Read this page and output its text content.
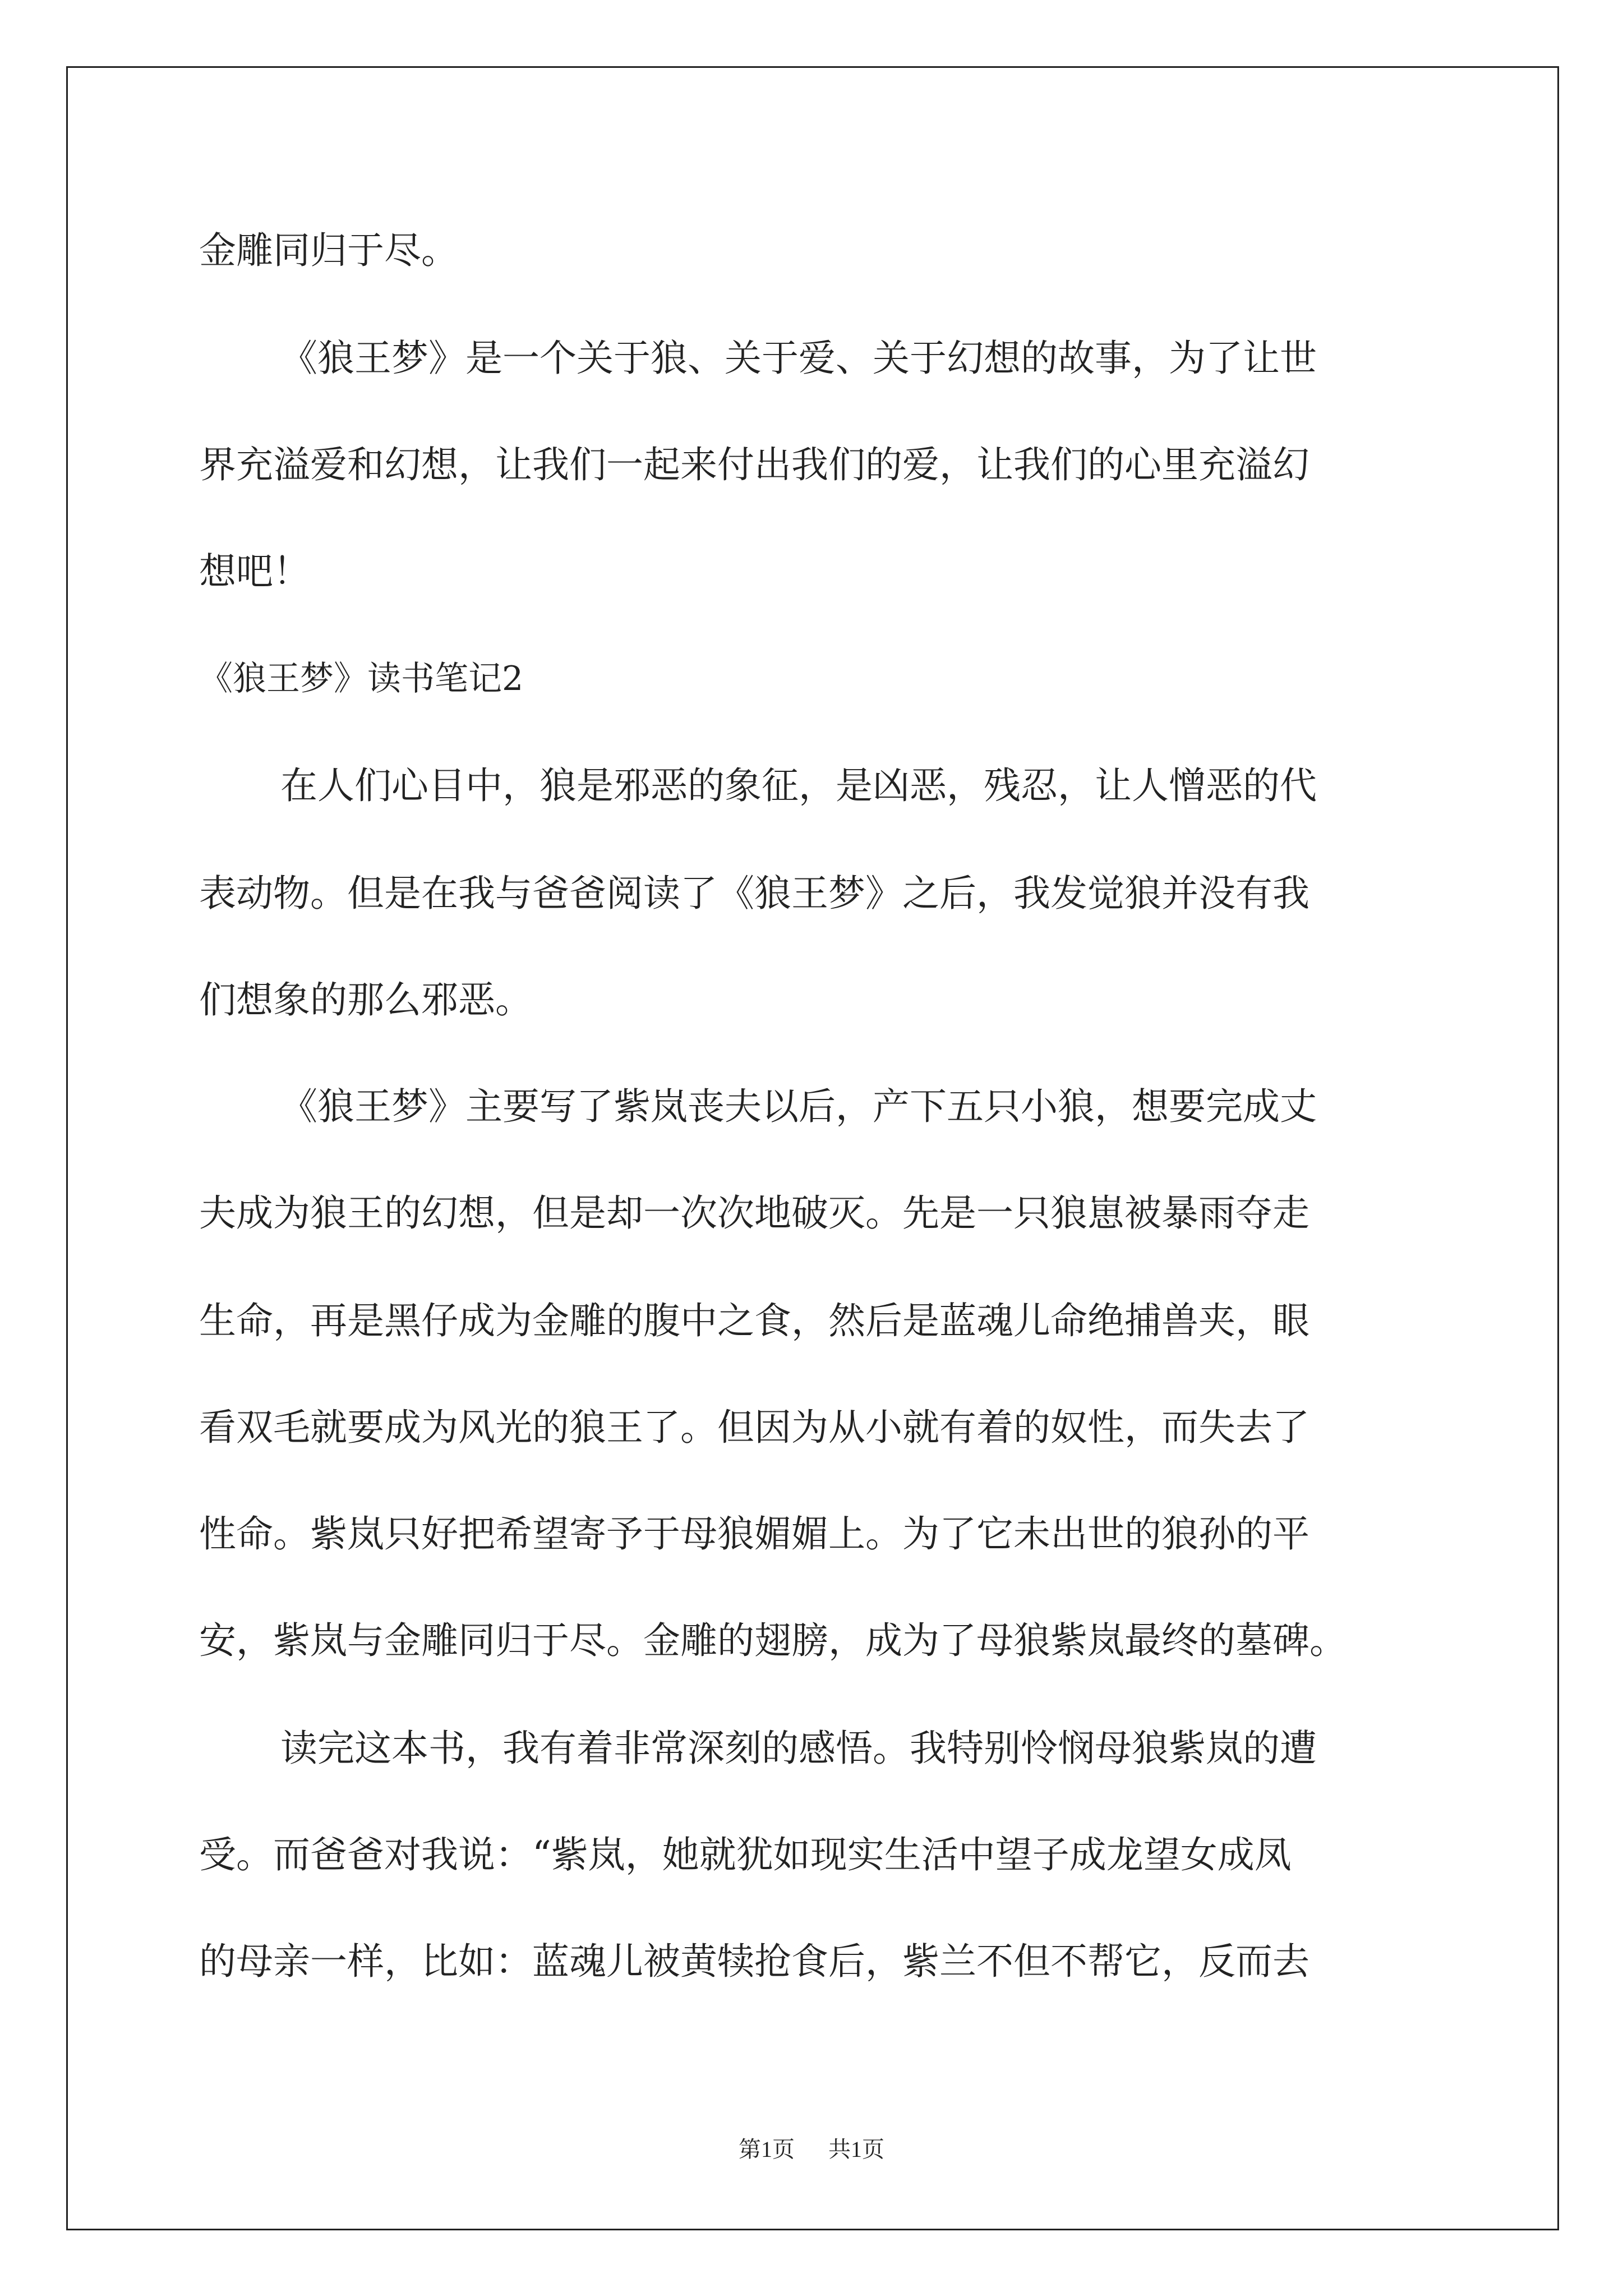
金雕同归于尽。
《狼王梦》是一个关于狼、关于爱、关于幻想的故事，为了让世
界充溢爱和幻想，让我们一起来付出我们的爱，让我们的心里充溢幻
想吧！
《狼王梦》读书笔记2
在人们心目中，狼是邪恶的象征，是凶恶，残忍，让人憎恶的代
表动物。但是在我与爸爸阅读了《狼王梦》之后，我发觉狼并没有我
们想象的那么邪恶。
《狼王梦》主要写了紫岚丧夫以后，产下五只小狼，想要完成丈
夫成为狼王的幻想，但是却一次次地破灭。先是一只狼崽被暴雨夺走
生命，再是黑仔成为金雕的腹中之食，然后是蓝魂儿命绝捕兽夹，眼
看双毛就要成为风光的狼王了。但因为从小就有着的奴性，而失去了
性命。紫岚只好把希望寄予于母狼媚媚上。为了它未出世的狼孙的平
安，紫岚与金雕同归于尽。金雕的翅膀，成为了母狼紫岚最终的墓碑。
读完这本书，我有着非常深刻的感悟。我特别怜悯母狼紫岚的遭
受。而爸爸对我说：“紫岚，她就犹如现实生活中望子成龙望女成凤
的母亲一样，比如：蓝魂儿被黄犊抢食后，紫兰不但不帮它，反而去
第1页 共1页
